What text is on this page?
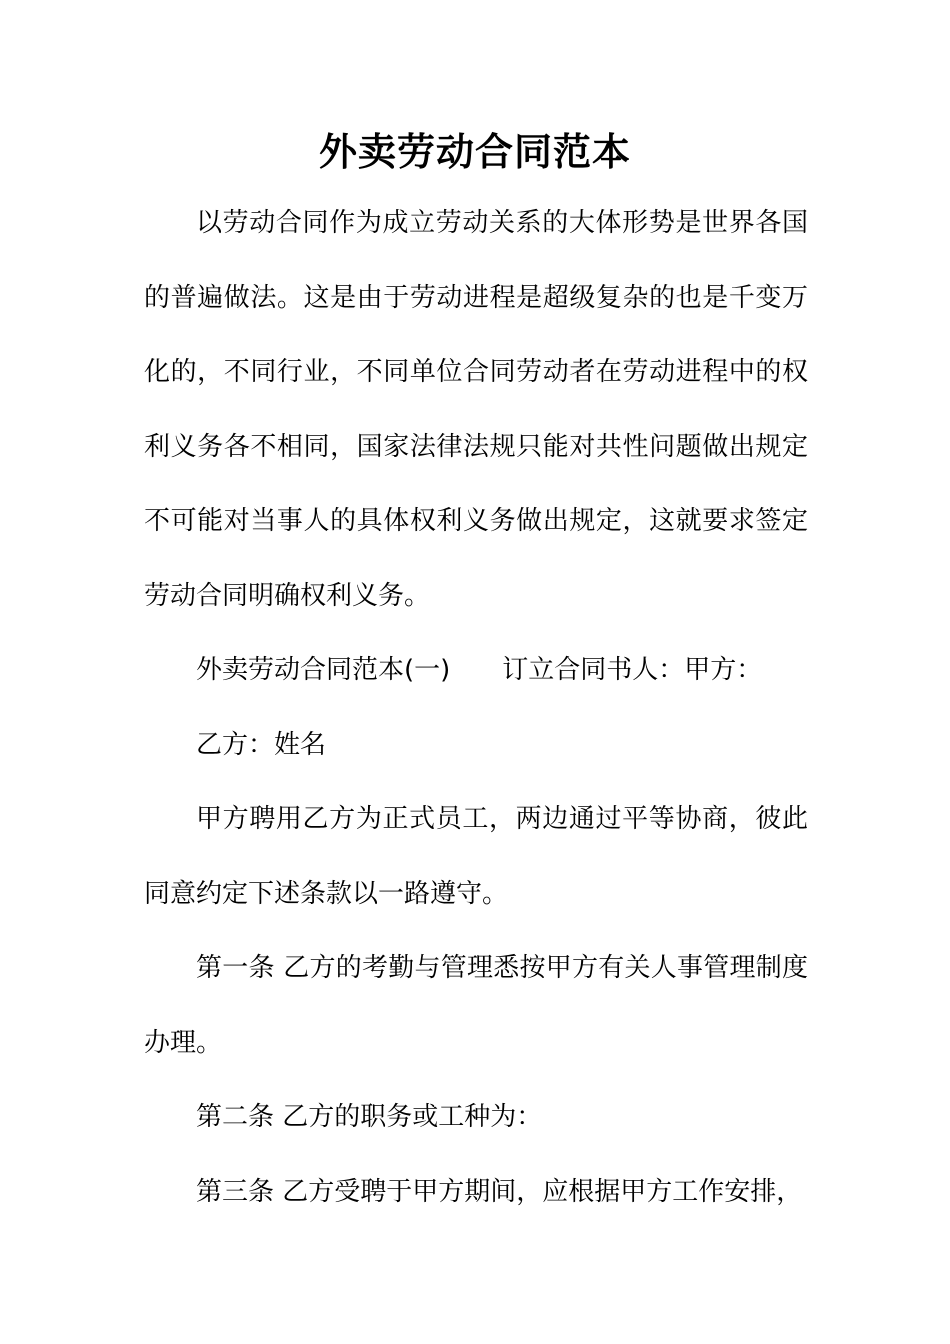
外卖劳动合同范本

以劳动合同作为成立劳动关系的大体形势是世界各国的普遍做法。这是由于劳动进程是超级复杂的也是千变万化的，不同行业，不同单位合同劳动者在劳动进程中的权利义务各不相同，国家法律法规只能对共性问题做出规定不可能对当事人的具体权利义务做出规定，这就要求签定劳动合同明确权利义务。

外卖劳动合同范本(一) 订立合同书人：甲方：

乙方：姓名

甲方聘用乙方为正式员工，两边通过平等协商，彼此同意约定下述条款以一路遵守。

第一条 乙方的考勤与管理悉按甲方有关人事管理制度办理。

第二条 乙方的职务或工种为：

第三条 乙方受聘于甲方期间，应根据甲方工作安排，
